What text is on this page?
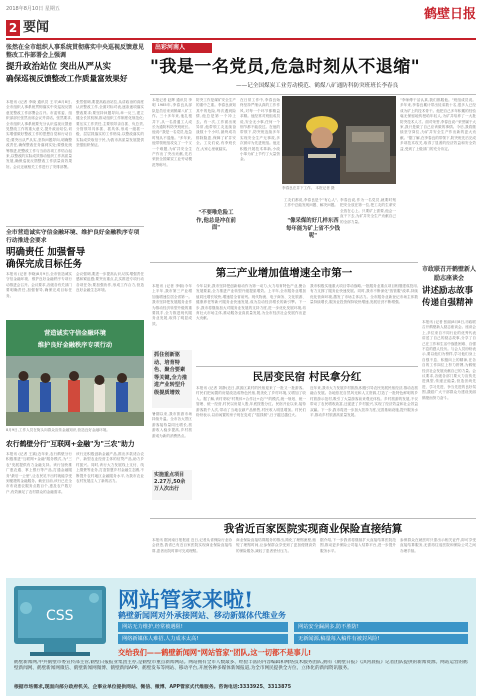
2018年8月10日 星期五	鹤壁日报
2 要闻
张然在全市组织人事系统贯彻落实中央巡视反馈意见整改工作部署会上强调
提升政治站位 突出从严从实
确保巡视反馈整改工作质量富效果好
本报讯 (记者 李晓 通讯员 王平)8月8日,全市组织人事系统贯彻落实中央巡视反馈意见整改工作部署会召开。市委常委、组织部部长张然出席会议并讲话。张然要求,全市组织人事系统要充分认识巡视反馈意见整改工作的重大意义,提升政治站位,切实增强做好整改工作的思想自觉和行动自觉;要突出从严从实,坚持问题导向,明确整改责任,确保整改任务落到实处;要强化统筹推进,把整改工作与当前各项工作结合起来,以整改的实际成效推动组织工作高质量发展,确保巡视反馈整改工作质量高效果好。会议还就相关工作进行了安排部署。
张然强调,要提高政治站位,从讲政治的高度认识整改工作,全面对标对表,逐条逐项落实整改要求;要坚持问题导向,举一反三,建立健全长效机制,推动组织工作制度化规范化;要压实工作责任,主要领导亲自抓、负总责,分管领导具体抓、抓具体,形成一级抓一级、层层抓落实的工作格局,以整改落实的实际成效取信于民,为我市高质量发展提供坚强组织保证。
全市营造诚实守信金融环境、维护良好金融秩序专项行动推进会要求
明确责任 加强督导
确保完成目标任务
本报讯 (记者 李晓)8月9日,全市营造诚实守信金融环境、维护良好金融秩序专项行动推进会召开。会议要求,各级各有关部门要明确责任,加强督导,确保完成目标任务。
会议强调,要进一步提高认识,切实增强责任感和紧迫感;要突出重点,扎实推进专项行动各项任务;要加强协作,形成工作合力,营造良好金融生态环境。
营造诚实守信金融环境
维护良好金融秩序专项行动
8月9日,工作人员在街头向群众宣传金融知识,营造良好金融环境。
农行鹤壁分行"互联网+金融"为"三农"助力
本报讯 (记者 王斌)近年来,农行鹤壁分行积极推进"互联网+金融"服务模式,为"三农"发展提供有力金融支持。该行加快推广惠农通、掌上银行等产品,打通金融服务"最后一公里",让农民足不出村就能享受到便捷的金融服务。截至目前,该行已在全市布设惠农服务点数百个,惠及农户数万户,有效满足了农村群众的金融需求。
该行还积极创新金融产品,推出多款适合农户、新型农业经营主体的信贷产品,助力乡村振兴。同时,该行大力发展线上支付、线上缴费等业务,打造智慧乡村金融生态圈,不断提升农村地区金融服务水平,为我市农业农村发展注入了新的活力。
出彩河南人
"我是一名党员,危急时刻从不退缩"
——记全国煤炭工业劳动模范、鹤煤八矿通防科防突班班长李春良
本报记者 赵辉 通讯员 李明 1985年,李春良从部队复员后来到鹤煤八矿工作。三十多年来,他扎根井下,从一名普通工人成长为通防科防突班班长。他说:"我是一名党员,危急时刻从不退缩。"多年来,他带领班组攻克了一个又一个难题,为矿井安全生产作出了突出贡献,先后荣获全国煤炭工业劳动模范等称号。
防突工作是煤矿安全生产的重中之重。李春良深知其中的危险,每次遇到险情,他总是第一个冲上去。有一次,工作面出现异常,他带领工友连续奋战数十个小时,最终成功排除隐患,保障了矿井安全。工友们说,有李班长在,大家心里就踏实。
"不要唯危险工作,他总是冲在前面"
在日常工作中,李春良始终坚持严细认真的工作作风,对每一个环节都精益求精。他经常对班组成员说,安全无小事,任何一个细节都不能放过。在他的带领下,防突班连续多年实现安全生产无事故,多次被评为先进班组。他还积极开展技术革新,小改小革为矿上节约了大量资金。
李春良在井下工作。 本报记者 摄
工友们都说,李春良是个"有心人",工作中总能发现问题、解决问题。
"像采煤的好几样东西每年能为矿上省不少钱呢"
李春良说,作为一名党员,就要时刻把安全放在第一位,把工友的生命安全放在心上。只要矿上需要,他会一直干下去,为矿井安全生产贡献自己的全部力量。
"李师傅干活认真,我们都服他。"班组成员说。多年来,李春良累计带出徒弟数十名,很多人已经成为矿上的技术骨干。他把自己多年积累的经验毫无保留地传授给年轻人,为矿井培养了一大批防突技术人才。面对荣誉,李春良说:"荣誉属于大家,我只是做了自己应该做的事情。今后,我将继续坚守岗位,为矿井安全生产作出新的更大贡献。"据了解,在李春良的带领下,防突班先后完成多项技术攻关,取得了显著的经济效益和安全效益,受到了上级部门的充分肯定。
第三产业增加值增速全市第一
本报讯 (记者 李朝)今年上半年,我市第三产业增加值增速位居全省第一。我市坚持把发展服务业作为推动经济转型升级的重要抓手,全力推进现代服务业发展,取得了明显成效。
抓住创新驱动、培育特色、聚合要素等关键,全力推进产业转型升级提质增效
今年以来,我市坚持把创新驱动作为第一动力,大力培育特色产业,聚合发展要素,全力推进产业转型升级提质增效。上半年,全市服务业增加值同比增长较快,增速居全省前列。现代物流、电子商务、文化旅游、健康养老等新兴服务业快速发展,成为拉动经济增长的新引擎。下一步,我市将继续加大对服务业发展的支持力度,进一步优化发展环境,培育壮大市场主体,推动服务业高质量发展,为全市经济社会发展作出更大贡献。
我市积极实施重大项目带动战略,一批服务业重点项目相继建成投用,有力支撑了服务业快速发展。同时,我市不断深化"放管服"改革,持续优化营商环境,激发了市场主体活力。全市服务业新登记市场主体数量持续增长,服务业投资保持较快增速,发展后劲不断增强。
民居变民宿 村民拿分红
暑期以来,我市旅游市场持续升温。全市各大景区游客接待量同比增长,旅游收入稳步提高,乡村旅游成为新的消费热点。
实施重点项目2.27万,50余万人次出行
本报讯 (记者 刘静)近日,淇滨区某村的民宿迎来了一批又一批游客。村民们把闲置的房屋改造成特色民宿,既美化了乡村环境,又增加了收入。据了解,该村采取"村集体+合作社+农户"的模式,统一规划、统一管理、统一经营,村民以房屋入股,年底按股分红。民宿开业以来,接待游客数千人次,带动了当地农副产品销售,村民收入明显增加。村民们纷纷表示,以前闲置的房子现在变成了"摇钱树",日子越过越红火。
近年来,我市大力发展乡村旅游,积极引导农民发展民宿经济,推动农旅融合发展。各地依托自然风光和人文资源,打造了一批特色鲜明的乡村旅游示范村,吸引了大量游客前来观光体验。乡村旅游的发展,不仅带动了农民增收致富,还促进了乡村振兴,实现了经济效益和社会效益双赢。下一步,我市将进一步加大扶持力度,完善基础设施,提升服务水平,推动乡村旅游高质量发展。
我省近百家医院实现商业保险直接结算
本报讯 据河南日报报道 近日,记者从省保险行业协会获悉,我省已有近百家医院实现商业保险直接结算,患者出院时即可完成理赔。
商业保险直接结算服务的推出,简化了理赔流程,缩短了理赔时间,让参保群众享受到了更加便捷高效的保险服务,减轻了患者垫付压力。
据介绍,下一步我省将继续扩大直接结算医院范围,推动更多保险公司接入结算平台,进一步提升服务水平。
参保群众在就医时只需出示相关证件,即可享受直接结算服务,无需再往返医院和保险公司之间办理手续。
市政联召开鹤壁新人
励志座谈会
讲述励志故事
传递自强精神
本报讯 (记者 张丽)8月8日,市政联召开鹤壁新人励志座谈会。座谈会上,多位来自不同行业的优秀代表讲述了自己的励志故事,分享了自己在工作和生活中战胜困难、自强不息的感人经历。与会人员纷纷表示,要以他们为榜样,学习他们身上自强不息、积极向上的精神,在各自的工作岗位上努力拼搏,为鹤壁经济社会发展贡献自己的力量。会议要求,各级各部门要大力宣传先进典型,传递正能量,营造崇尚先进、学习先进、争当先进的良好氛围,激励广大干部群众为建设美丽鹤壁而努力奋斗。
CSS
网站管家来啦!
鹤壁新闻网对外承接网站、移动新媒体代维业务
网站无力维护,经常被遇阻!	网站安全漏洞多,防不胜防!
网络新媒体人难招,人力成本太高!	无新闻源,稿量每入稿件有被封风险!
交给我们——鹤壁新闻网"网站管家"团队,这一切都不是事儿!
鹤壁新闻网,中共鹤壁市委宣传部主管,鹤壁日报报业集团主办,是鹤壁市重点新闻网站。网站拥有全市人数最多、经验丰富的内容编辑和网络技术服务团队,拥有《鹤壁日报》《淇河晨报》记者团队提供的新闻资源。网站运营的鹤壁新闻网、鹤壁新闻网微信、鹤壁新闻网微博、鹤壁新闻APP、鹤壁发布等网站、移动平台,开展各种多媒体新闻报道,为全市网民提供全方位、立体化的新闻资讯服务。
根据市场需求,现面向部分政府机关、企事业单位提供网站、微信、微博、APP管家式代维服务。咨询电话:3333925、3313875
